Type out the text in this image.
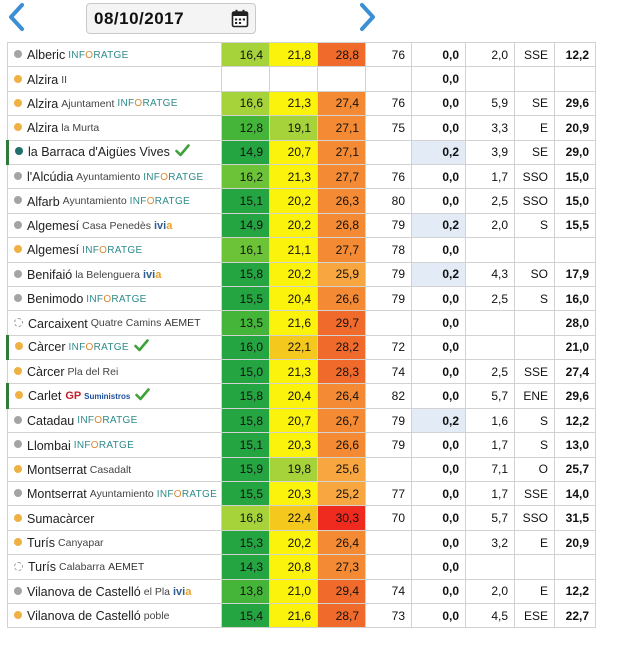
08/10/2017
Alberic INFORATGE	16,4	21,8	28,8	76	0,0	2,0	SSE	12,2
Alzira II					0,0			
Alzira Ajuntament INFORATGE	16,6	21,3	27,4	76	0,0	5,9	SE	29,6
Alzira la Murta	12,8	19,1	27,1	75	0,0	3,3	E	20,9
la Barraca d'Aigües Vives	14,9	20,7	27,1		0,2	3,9	SE	29,0
l'Alcúdia Ayuntamiento INFORATGE	16,2	21,3	27,7	76	0,0	1,7	SSO	15,0
Alfarb Ayuntamiento INFORATGE	15,1	20,2	26,3	80	0,0	2,5	SSO	15,0
Algemesí Casa Penedès ivia	14,9	20,2	26,8	79	0,2	2,0	S	15,5
Algemesí INFORATGE	16,1	21,1	27,7	78	0,0			
Benifaió la Belenguera ivia	15,8	20,2	25,9	79	0,2	4,3	SO	17,9
Benimodo INFORATGE	15,5	20,4	26,6	79	0,0	2,5	S	16,0
Carcaixent Quatre Camins AEMET	13,5	21,6	29,7		0,0			28,0
Càrcer INFORATGE	16,0	22,1	28,2	72	0,0			21,0
Càrcer Pla del Rei	15,0	21,3	28,3	74	0,0	2,5	SSE	27,4
Carlet GP Suministros	15,8	20,4	26,4	82	0,0	5,7	ENE	29,6
Catadau INFORATGE	15,8	20,7	26,7	79	0,2	1,6	S	12,2
Llombai INFORATGE	15,1	20,3	26,6	79	0,0	1,7	S	13,0
Montserrat Casadalt	15,9	19,8	25,6		0,0	7,1	O	25,7
Montserrat Ayuntamiento INFORATGE	15,5	20,3	25,2	77	0,0	1,7	SSE	14,0
Sumacàrcer	16,8	22,4	30,3	70	0,0	5,7	SSO	31,5
Turís Canyapar	15,3	20,2	26,4		0,0	3,2	E	20,9
Turís Calabarra AEMET	14,3	20,8	27,3		0,0			
Vilanova de Castelló el Pla ivia	13,8	21,0	29,4	74	0,0	2,0	E	12,2
Vilanova de Castelló poble	15,4	21,6	28,7	73	0,0	4,5	ESE	22,7
